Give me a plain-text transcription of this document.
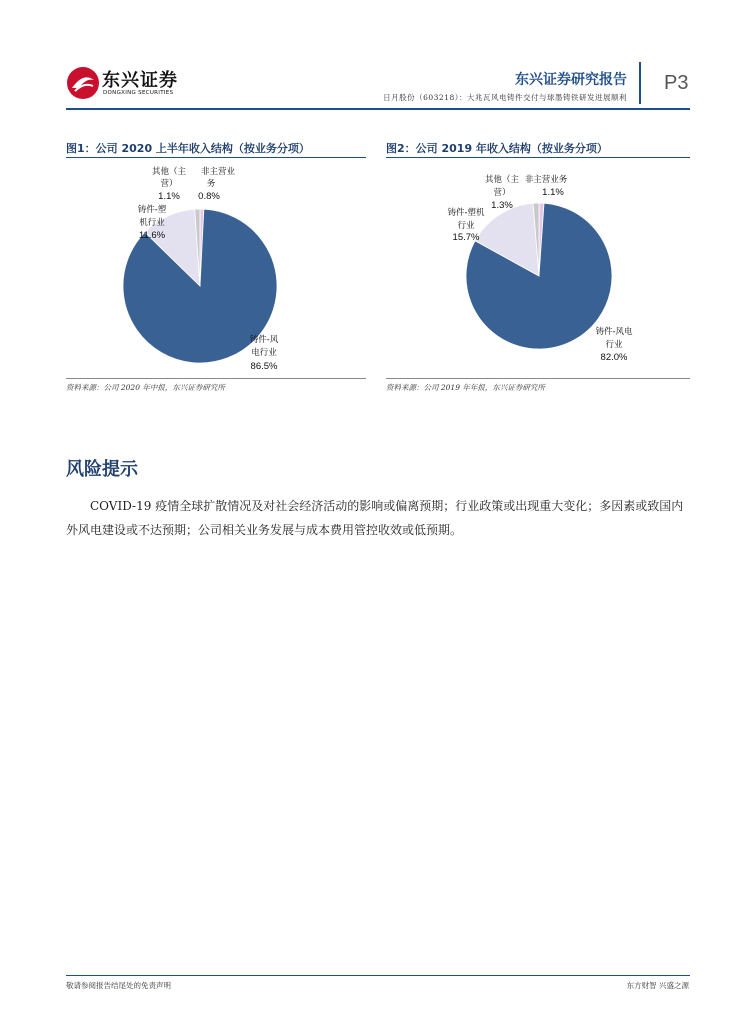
东兴证券
DONGXING SECURITIES
东兴证券研究报告
日月股份（603218）：大兆瓦风电铸件交付与球墨铸铁研发进展顺利
P3
图1：公司 2020 上半年收入结构（按业务分项）
其他（主
营）
1.1%
非主营业
务
0.8%
铸件-塑
机行业
11.6%
铸件-风
电行业
86.5%
资料来源：公司 2020 年中报，东兴证券研究所
图2：公司 2019 年收入结构（按业务分项）
其他（主
营）
1.3%
非主营业务
1.1%
铸件-塑机
行业
15.7%
铸件-风电
行业
82.0%
资料来源：公司 2019 年年报，东兴证券研究所
风险提示
COVID-19 疫情全球扩散情况及对社会经济活动的影响或偏离预期；行业政策或出现重大变化；多因素或致国内外风电建设或不达预期；公司相关业务发展与成本费用管控收效或低预期。
敬请参阅报告结尾处的免责声明	东方财智 兴盛之源
